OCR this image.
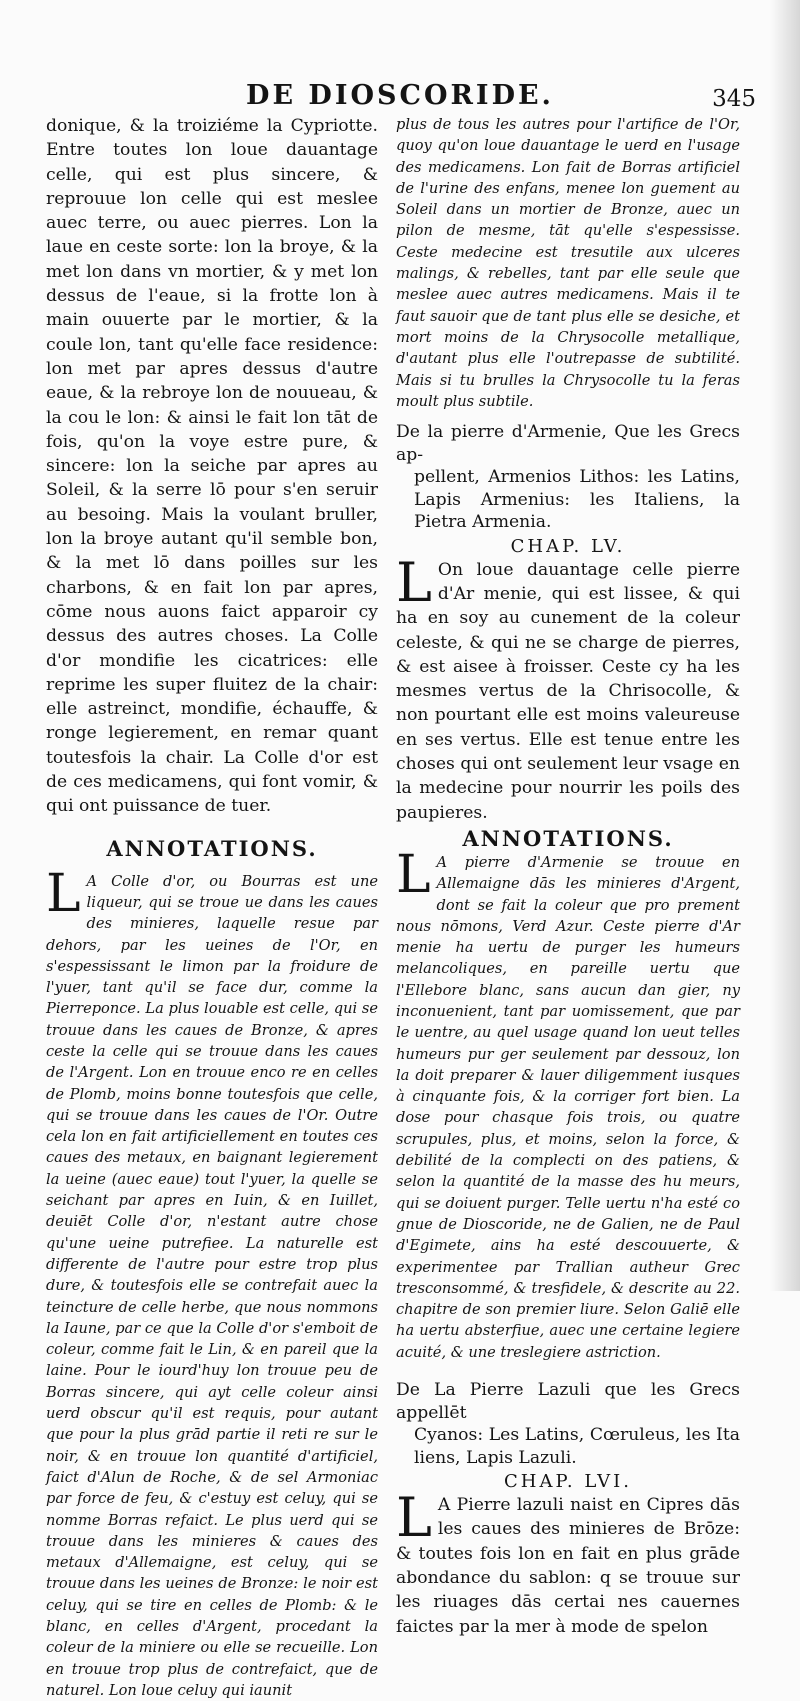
DE DIOSCORIDE.	345

donique, & la troiziéme la Cypriotte. Entre toutes lon loue dauantage celle, qui est plus sincere, & reprouue lon celle qui est meslee auec terre, ou auec pierres. Lon la laue en ceste sorte: lon la broye, & la met lon dans vn mortier, & y met lon dessus de l'eaue, si la frotte lon à main ouuerte par le mortier, & la coule lon, tant qu'elle face residence: lon met par apres dessus d'autre eaue, & la rebroye lon de nouueau, & la cou le lon: & ainsi le fait lon tāt de fois, qu'on la voye estre pure, & sincere: lon la seiche par apres au Soleil, & la serre lō pour s'en seruir au besoing. Mais la voulant bruller, lon la broye autant qu'il semble bon, & la met lō dans poilles sur les charbons, & en fait lon par apres, cōme nous auons faict apparoir cy dessus des autres choses. La Colle d'or mondifie les cicatrices: elle reprime les super fluitez de la chair: elle astreinct, mondifie, échauffe, & ronge legierement, en remar quant toutesfois la chair. La Colle d'or est de ces medicamens, qui font vomir, & qui ont puissance de tuer.

ANNOTATIONS.

L A Colle d'or, ou Bourras est une liqueur, qui se troue ue dans les caues des minieres, laquelle resue par dehors, par les ueines de l'Or, en s'espessissant le limon par la froidure de l'yuer, tant qu'il se face dur, comme la Pierreponce. La plus louable est celle, qui se trouue dans les caues de Bronze, & apres ceste la celle qui se trouue dans les caues de l'Argent. Lon en trouue enco re en celles de Plomb, moins bonne toutesfois que celle, qui se trouue dans les caues de l'Or. Outre cela lon en fait artificiellement en toutes ces caues des metaux, en baignant legierement la ueine (auec eaue) tout l'yuer, la quelle se seichant par apres en Iuin, & en Iuillet, deuiēt Colle d'or, n'estant autre chose qu'une ueine putrefiee. La naturelle est differente de l'autre pour estre trop plus dure, & toutesfois elle se contrefait auec la teincture de celle herbe, que nous nommons la Iaune, par ce que la Colle d'or s'emboit de coleur, comme fait le Lin, & en pareil que la laine. Pour le iourd'huy lon trouue peu de Borras sincere, qui ayt celle coleur ainsi uerd obscur qu'il est requis, pour autant que pour la plus grād partie il reti re sur le noir, & en trouue lon quantité d'artificiel, faict d'Alun de Roche, & de sel Armoniac par force de feu, & c'estuy est celuy, qui se nomme Borras refaict. Le plus uerd qui se trouue dans les minieres & caues des metaux d'Allemaigne, est celuy, qui se trouue dans les ueines de Bronze: le noir est celuy, qui se tire en celles de Plomb: & le blanc, en celles d'Argent, procedant la coleur de la miniere ou elle se recueille. Lon en trouue trop plus de contrefaict, que de naturel. Lon loue celuy qui iaunit

plus de tous les autres pour l'artifice de l'Or, quoy qu'on loue dauantage le uerd en l'usage des medicamens. Lon fait de Borras artificiel de l'urine des enfans, menee lon guement au Soleil dans un mortier de Bronze, auec un pilon de mesme, tāt qu'elle s'espessisse. Ceste medecine est tresutile aux ulceres malings, & rebelles, tant par elle seule que meslee auec autres medicamens. Mais il te faut sauoir que de tant plus elle se desiche, et mort moins de la Chrysocolle metallique, d'autant plus elle l'outrepasse de subtilité. Mais si tu brulles la Chrysocolle tu la feras moult plus subtile.

De la pierre d'Armenie, Que les Grecs ap-
pellent, Armenios Lithos: les Latins, Lapis Armenius: les Italiens, la Pietra Armenia.
CHAP. LV.

L On loue dauantage celle pierre d'Ar menie, qui est lissee, & qui ha en soy au cunement de la coleur celeste, & qui ne se charge de pierres, & est aisee à froisser. Ceste cy ha les mesmes vertus de la Chrisocolle, & non pourtant elle est moins valeureuse en ses vertus. Elle est tenue entre les choses qui ont seulement leur vsage en la medecine pour nourrir les poils des paupieres.

ANNOTATIONS.

L A pierre d'Armenie se trouue en Allemaigne dās les minieres d'Argent, dont se fait la coleur que pro prement nous nōmons, Verd Azur. Ceste pierre d'Ar menie ha uertu de purger les humeurs melancoliques, en pareille uertu que l'Ellebore blanc, sans aucun dan gier, ny inconuenient, tant par uomissement, que par le uentre, au quel usage quand lon ueut telles humeurs pur ger seulement par dessouz, lon la doit preparer & lauer diligemment iusques à cinquante fois, & la corriger fort bien. La dose pour chasque fois trois, ou quatre scrupules, plus, et moins, selon la force, & debilité de la complecti on des patiens, & selon la quantité de la masse des hu meurs, qui se doiuent purger. Telle uertu n'ha esté co gnue de Dioscoride, ne de Galien, ne de Paul d'Egimete, ains ha esté descouuerte, & experimentee par Trallian autheur Grec tresconsommé, & tresfidele, & descrite au 22. chapitre de son premier liure. Selon Galiē elle ha uertu absterfiue, auec une certaine legiere acuité, & une treslegiere astriction.

De La Pierre Lazuli que les Grecs appellēt
Cyanos: Les Latins, Cœruleus, les Ita liens, Lapis Lazuli.
CHAP. LVI.

L A Pierre lazuli naist en Cipres dās les caues des minieres de Brōze: & toutes fois lon en fait en plus grāde abondance du sablon: q se trouue sur les riuages dās certai nes cauernes faictes par la mer à mode de spelon
